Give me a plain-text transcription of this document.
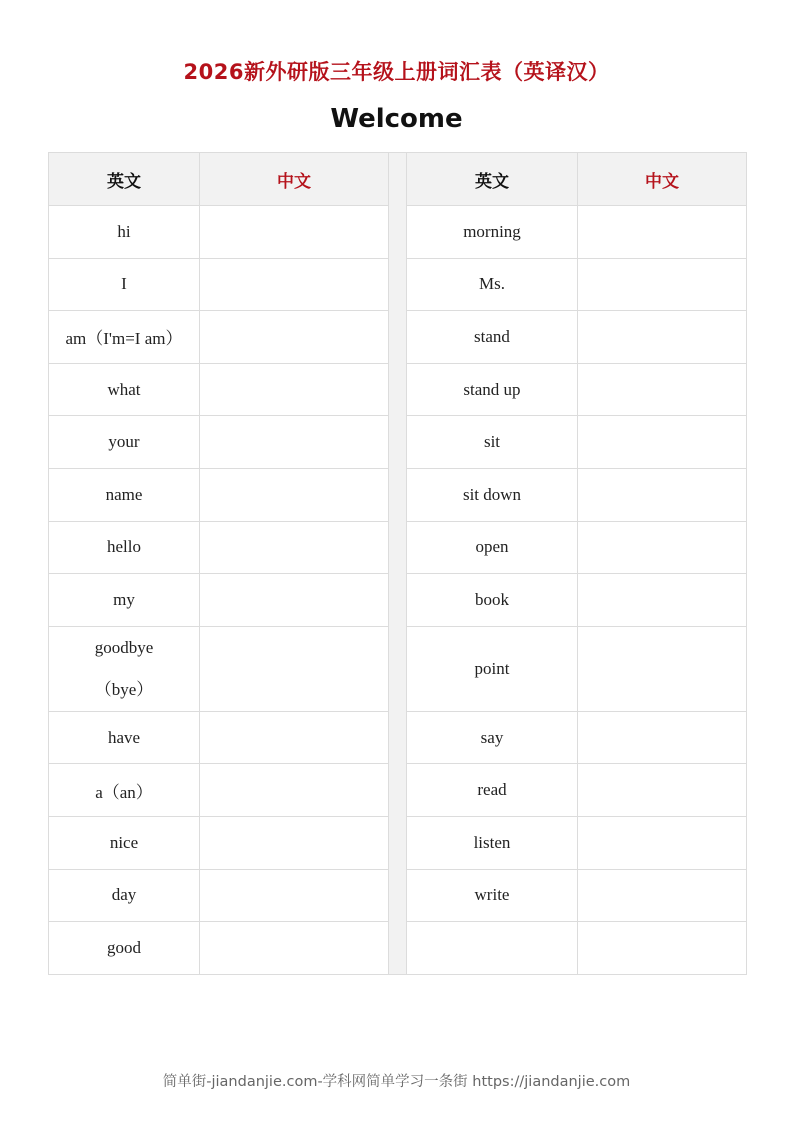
2026新外研版三年级上册词汇表（英译汉）
Welcome
英文	中文		英文	中文
hi			morning	
I			Ms.	
am（I'm=I am）			stand	
what			stand up	
your			sit	
name			sit down	
hello			open	
my			book	

goodbye
（bye）			point	
have			say	
a（an）			read	
nice			listen	
day			write	
good				
简单街-jiandanjie.com-学科网简单学习一条街 https://jiandanjie.com
